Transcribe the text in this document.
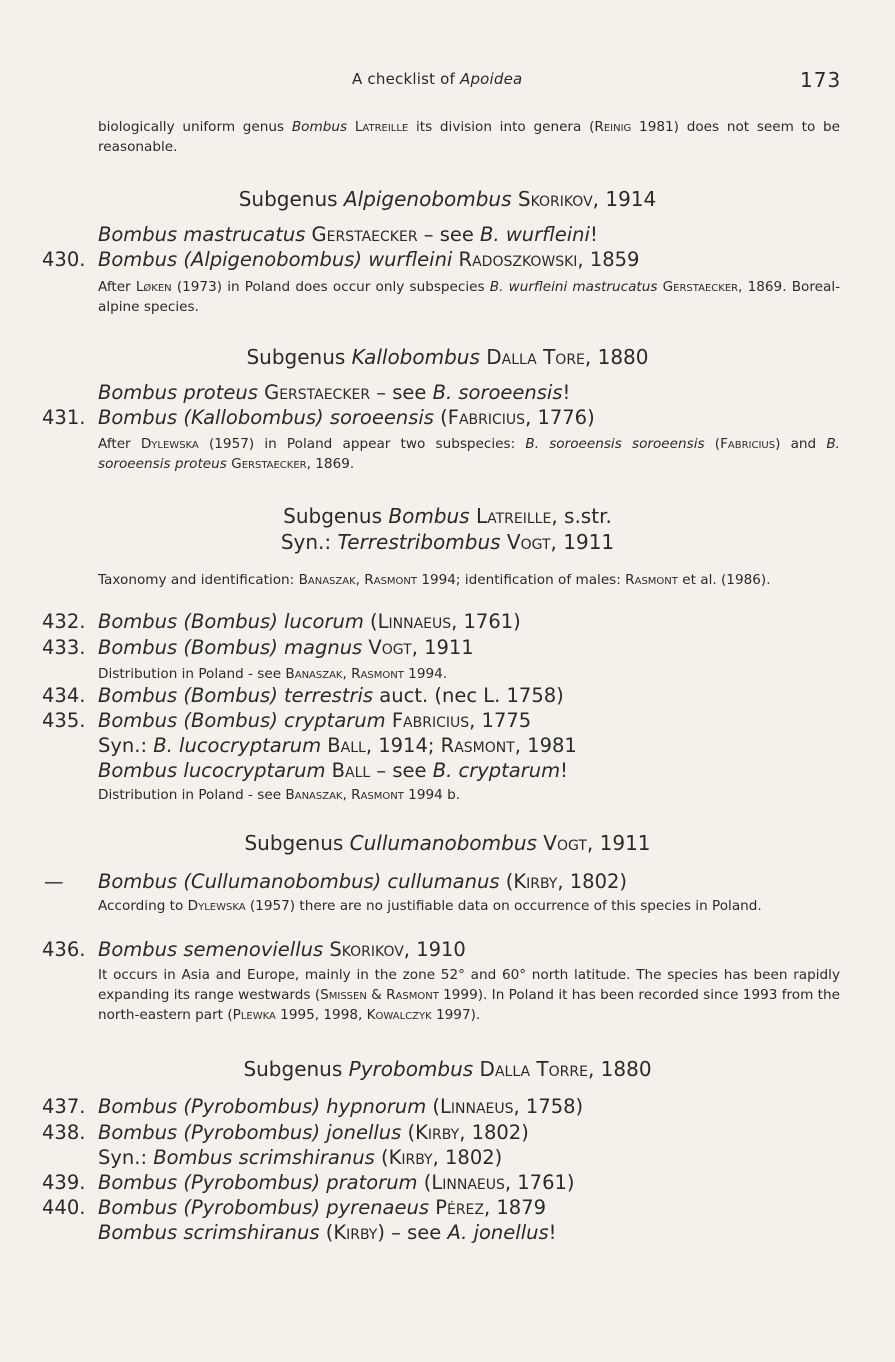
A checklist of Apoidea	173
biologically uniform genus Bombus Latreille its division into genera (Reinig 1981) does not seem to be reasonable.
Subgenus Alpigenobombus Skorikov, 1914
Bombus mastrucatus Gerstaecker – see B. wurfleini!
430. Bombus (Alpigenobombus) wurfleini Radoszkowski, 1859
After Løken (1973) in Poland does occur only subspecies B. wurfleini mastrucatus Gerstaecker, 1869. Boreal-alpine species.
Subgenus Kallobombus Dalla Tore, 1880
Bombus proteus Gerstaecker – see B. soroeensis!
431. Bombus (Kallobombus) soroeensis (Fabricius, 1776)
After Dylewska (1957) in Poland appear two subspecies: B. soroeensis soroeensis (Fabricius) and B. soroeensis proteus Gerstaecker, 1869.
Subgenus Bombus Latreille, s.str.
Syn.: Terrestribombus Vogt, 1911
Taxonomy and identification: Banaszak, Rasmont 1994; identification of males: Rasmont et al. (1986).
432. Bombus (Bombus) lucorum (Linnaeus, 1761)
433. Bombus (Bombus) magnus Vogt, 1911
Distribution in Poland - see Banaszak, Rasmont 1994.
434. Bombus (Bombus) terrestris auct. (nec L. 1758)
435. Bombus (Bombus) cryptarum Fabricius, 1775
Syn.: B. lucocryptarum Ball, 1914; Rasmont, 1981
Bombus lucocryptarum Ball – see B. cryptarum!
Distribution in Poland - see Banaszak, Rasmont 1994 b.
Subgenus Cullumanobombus Vogt, 1911
— Bombus (Cullumanobombus) cullumanus (Kirby, 1802)
According to Dylewska (1957) there are no justifiable data on occurrence of this species in Poland.
436. Bombus semenoviellus Skorikov, 1910
It occurs in Asia and Europe, mainly in the zone 52° and 60° north latitude. The species has been rapidly expanding its range westwards (Smissen & Rasmont 1999). In Poland it has been recorded since 1993 from the north-eastern part (Plewka 1995, 1998, Kowalczyk 1997).
Subgenus Pyrobombus Dalla Torre, 1880
437. Bombus (Pyrobombus) hypnorum (Linnaeus, 1758)
438. Bombus (Pyrobombus) jonellus (Kirby, 1802)
Syn.: Bombus scrimshiranus (Kirby, 1802)
439. Bombus (Pyrobombus) pratorum (Linnaeus, 1761)
440. Bombus (Pyrobombus) pyrenaeus Pérez, 1879
Bombus scrimshiranus (Kirby) – see A. jonellus!
